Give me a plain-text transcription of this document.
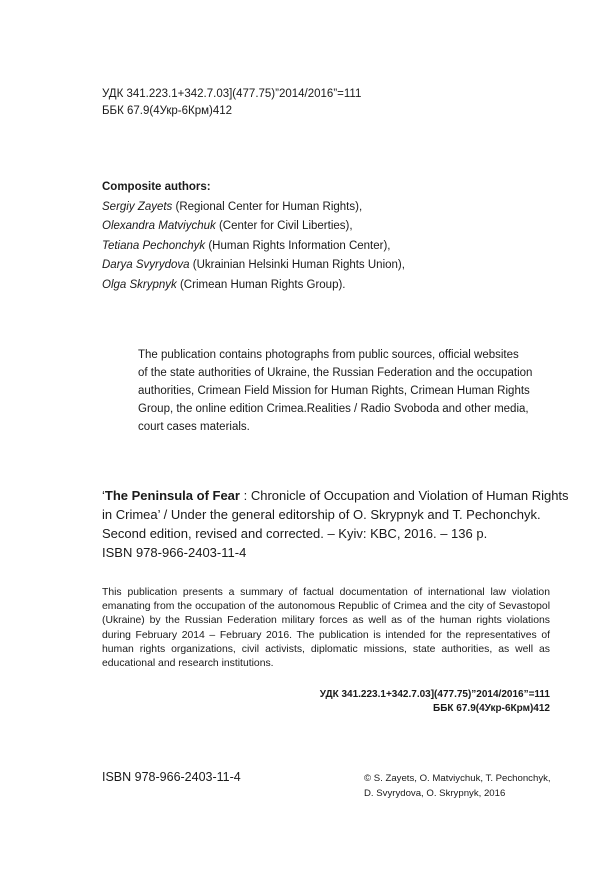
УДК 341.223.1+342.7.03](477.75)”2014/2016”=111
ББК 67.9(4Укр-6Крм)412
Composite authors:
Sergiy Zayets (Regional Center for Human Rights),
Olexandra Matviychuk (Center for Civil Liberties),
Tetiana Pechonchyk (Human Rights Information Center),
Darya Svyrydova (Ukrainian Helsinki Human Rights Union),
Olga Skrypnyk (Crimean Human Rights Group).
The publication contains photographs from public sources, official websites
of the state authorities of Ukraine, the Russian Federation and the occupation
authorities, Crimean Field Mission for Human Rights, Crimean Human Rights
Group, the online edition Crimea.Realities / Radio Svoboda and other media,
court cases materials.
‘The Peninsula of Fear : Chronicle of Occupation and Violation of Human Rights
in Crimea’ / Under the general editorship of O. Skrypnyk and T. Pechonchyk.
Second edition, revised and corrected. – Kyiv: KBC, 2016. – 136 p.
ISBN 978-966-2403-11-4
This publication presents a summary of factual documentation of international law violation emanating from the occupation of the autonomous Republic of Crimea and the city of Sevastopol (Ukraine) by the Russian Federation military forces as well as of the human rights violations during February 2014 – February 2016. The publication is intended for the representatives of human rights organizations, civil activists, diplomatic missions, state authorities, as well as educational and research institutions.
УДК 341.223.1+342.7.03](477.75)”2014/2016”=111
ББК 67.9(4Укр-6Крм)412
ISBN 978-966-2403-11-4	© S. Zayets, O. Matviychuk, T. Pechonchyk,
D. Svyrydova, O. Skrypnyk, 2016
